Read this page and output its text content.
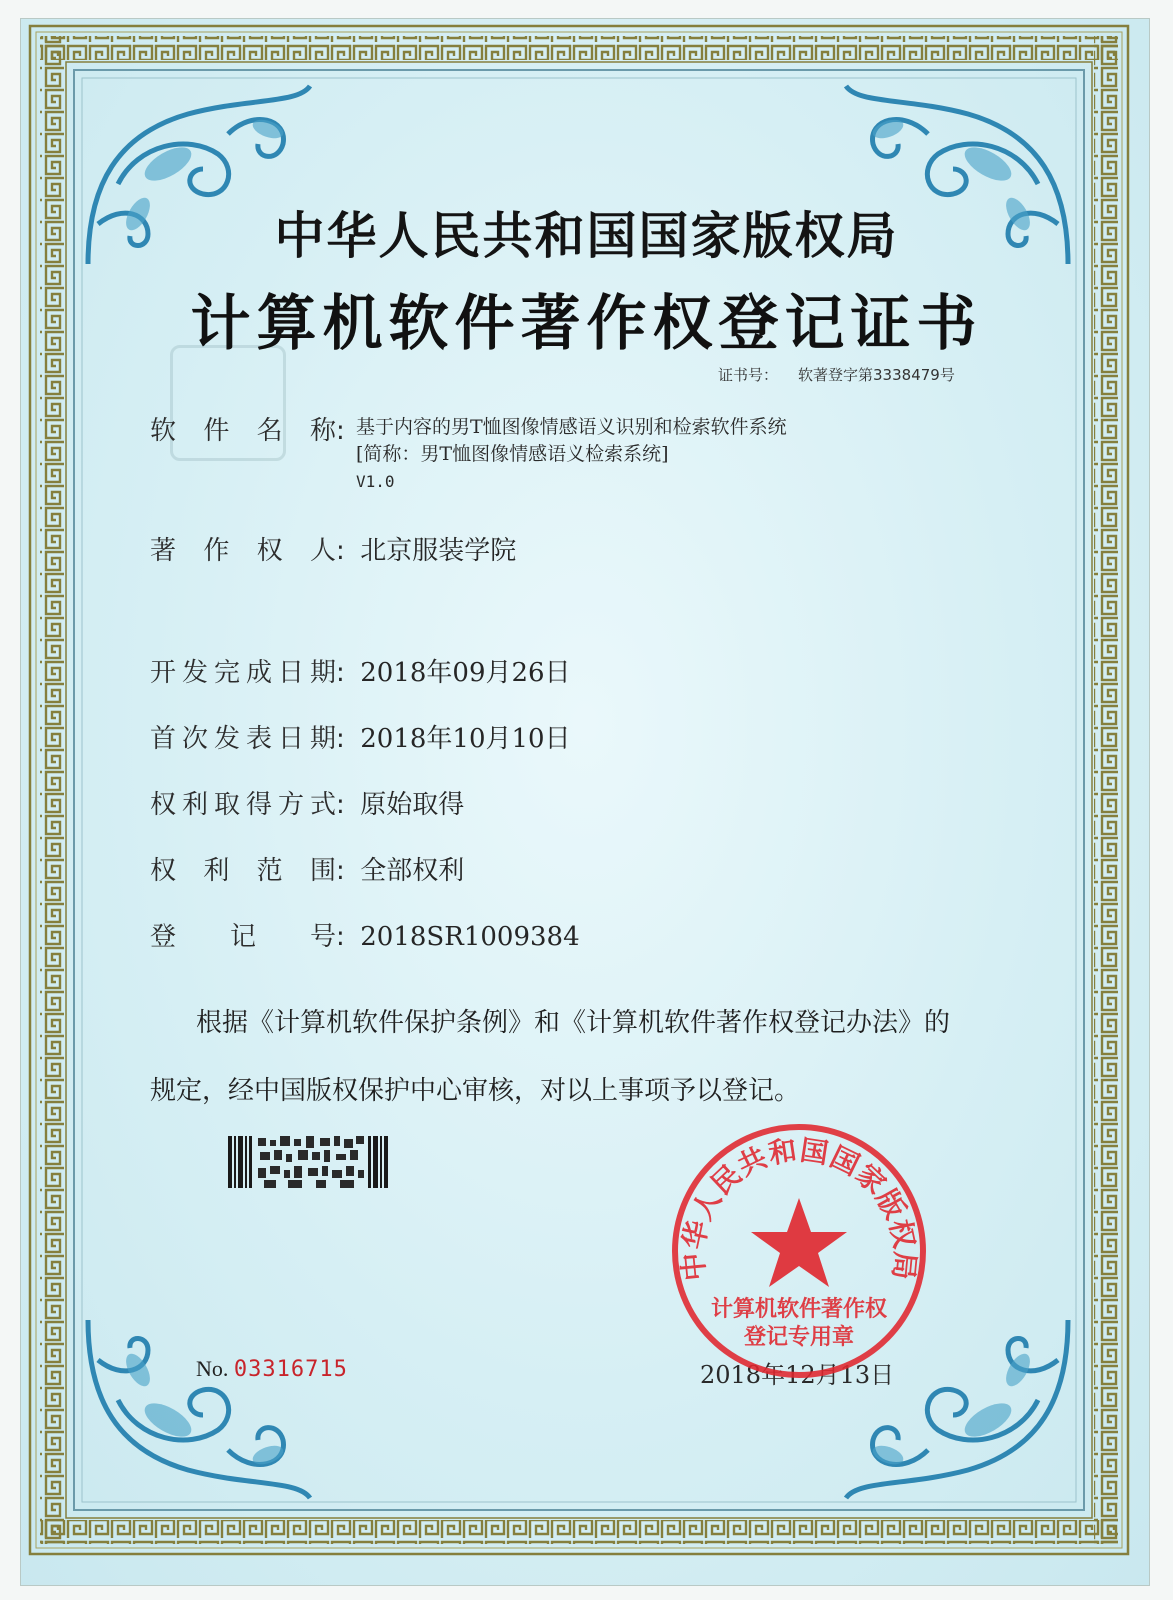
中华人民共和国国家版权局
计算机软件著作权登记证书
证书号： 软著登字第3338479号
软 件 名 称: 基于内容的男T恤图像情感语义识别和检索软件系统
[简称：男T恤图像情感语义检索系统]
V1.0
著 作 权 人: 北京服装学院
开发完成日期: 2018年09月26日
首次发表日期: 2018年10月10日
权利取得方式: 原始取得
权 利 范 围: 全部权利
登 记 号: 2018SR1009384
根据《计算机软件保护条例》和《计算机软件著作权登记办法》的
规定，经中国版权保护中心审核，对以上事项予以登记。
No. 03316715	2018年12月13日
中华人民共和国国家版权局
计算机软件著作权
登记专用章
